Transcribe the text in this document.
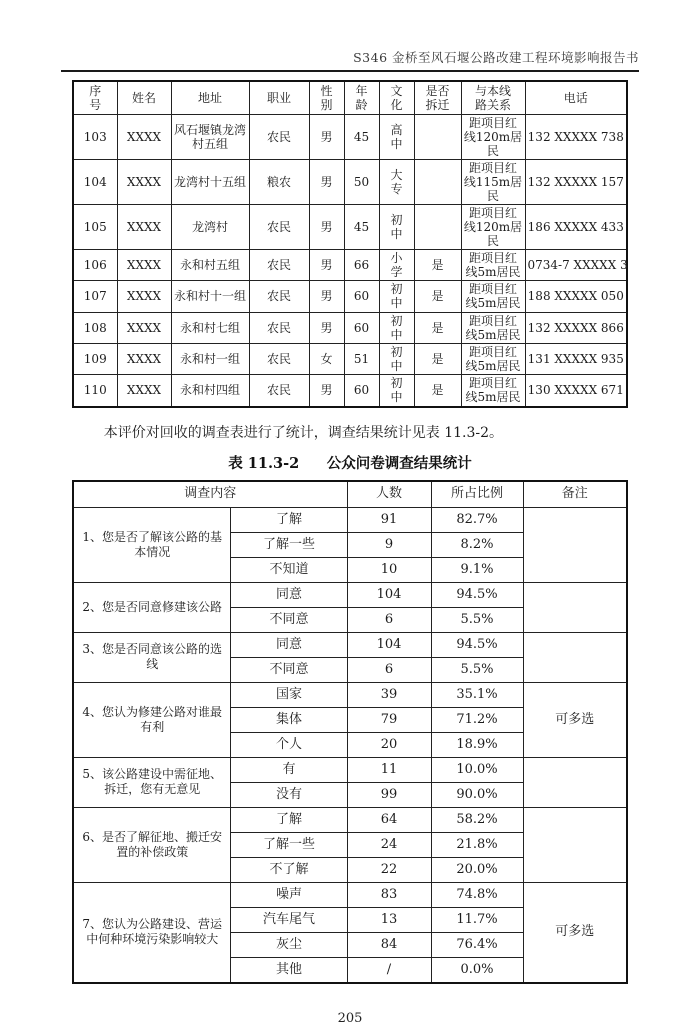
S346 金桥至风石堰公路改建工程环境影响报告书
序号	姓名	地址	职业	性别	年龄	文化	是否拆迁	与本线路关系	电话
103	XXXX	风石堰镇龙湾村五组	农民	男	45	高中		距项目红线120m居民	132 XXXXX 738
104	XXXX	龙湾村十五组	粮农	男	50	大专		距项目红线115m居民	132 XXXXX 157
105	XXXX	龙湾村	农民	男	45	初中		距项目红线120m居民	186 XXXXX 433
106	XXXX	永和村五组	农民	男	66	小学	是	距项目红线5m居民	0734-7 XXXXX 3
107	XXXX	永和村十一组	农民	男	60	初中	是	距项目红线5m居民	188 XXXXX 050
108	XXXX	永和村七组	农民	男	60	初中	是	距项目红线5m居民	132 XXXXX 866
109	XXXX	永和村一组	农民	女	51	初中	是	距项目红线5m居民	131 XXXXX 935
110	XXXX	永和村四组	农民	男	60	初中	是	距项目红线5m居民	130 XXXXX 671

本评价对回收的调查表进行了统计，调查结果统计见表 11.3-2。

表 11.3-2 公众问卷调查结果统计
调查内容		人数	所占比例	备注
1、您是否了解该公路的基本情况	了解	91	82.7%	
	了解一些	9	8.2%	
	不知道	10	9.1%	
2、您是否同意修建该公路	同意	104	94.5%	
	不同意	6	5.5%	
3、您是否同意该公路的选线	同意	104	94.5%	
	不同意	6	5.5%	
4、您认为修建公路对谁最有利	国家	39	35.1%	可多选
	集体	79	71.2%	
	个人	20	18.9%	
5、该公路建设中需征地、拆迁，您有无意见	有	11	10.0%	
	没有	99	90.0%	
6、是否了解征地、搬迁安置的补偿政策	了解	64	58.2%	
	了解一些	24	21.8%	
	不了解	22	20.0%	
7、您认为公路建设、营运中何种环境污染影响较大	噪声	83	74.8%	可多选
	汽车尾气	13	11.7%	
	灰尘	84	76.4%	
	其他	/	0.0%	
205
